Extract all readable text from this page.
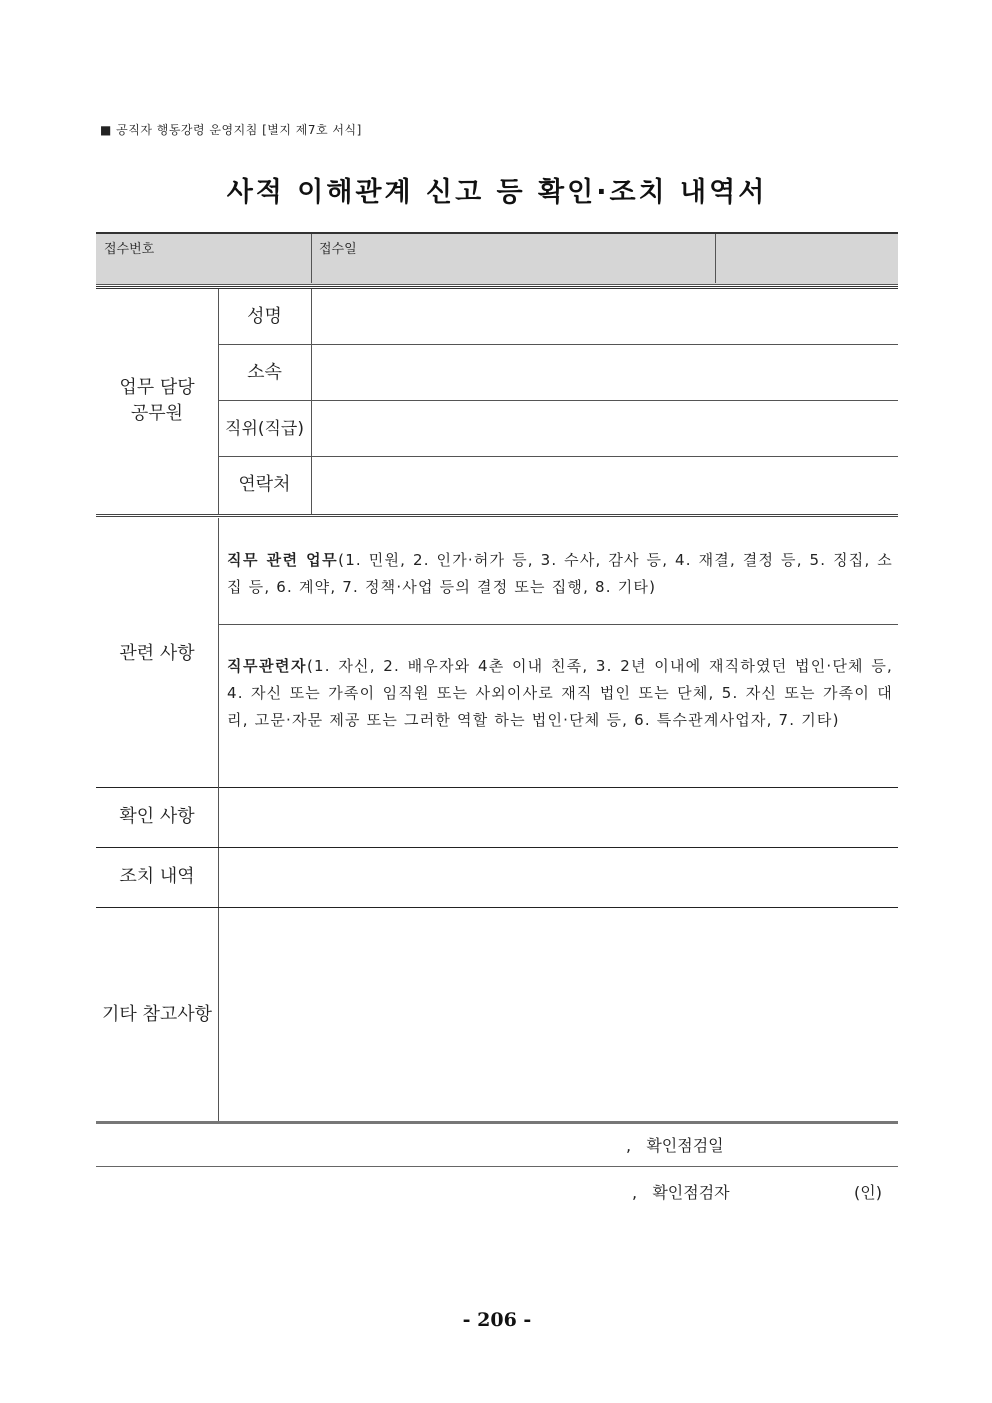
■ 공직자 행동강령 운영지침 [별지 제7호 서식]
사적 이해관계 신고 등 확인·조치 내역서
접수번호	접수일
업무 담당
공무원
성명
소속
직위(직급)
연락처
관련 사항
직무 관련 업무(1. 민원, 2. 인가·허가 등, 3. 수사, 감사 등, 4. 재결, 결정 등, 5. 징집, 소집 등, 6. 계약, 7. 정책·사업 등의 결정 또는 집행, 8. 기타)
직무관련자(1. 자신, 2. 배우자와 4촌 이내 친족, 3. 2년 이내에 재직하였던 법인·단체 등, 4. 자신 또는 가족이 임직원 또는 사외이사로 재직 법인 또는 단체, 5. 자신 또는 가족이 대리, 고문·자문 제공 또는 그러한 역할 하는 법인·단체 등, 6. 특수관계사업자, 7. 기타)
확인 사항
조치 내역
기타 참고사항
,   확인점검일
,   확인점검자	(인)
- 206 -
